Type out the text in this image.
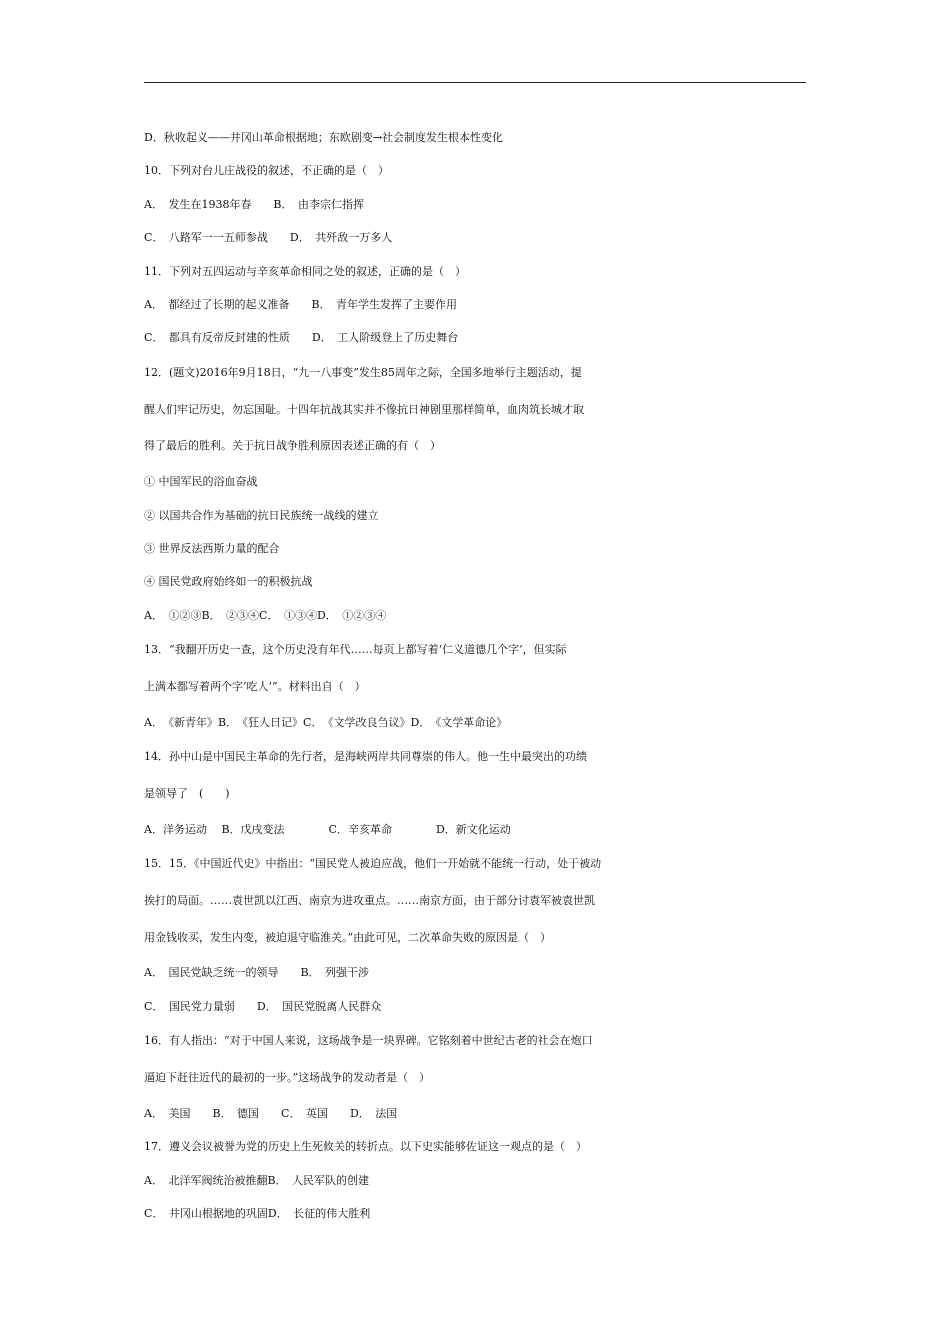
D．秋收起义——井冈山革命根据地；东欧剧变→社会制度发生根本性变化
10．下列对台儿庄战役的叙述，不正确的是（　）
A．　发生在1938年春　　B．　由李宗仁指挥
C．　八路军一一五师参战　　D．　共歼敌一万多人
11．下列对五四运动与辛亥革命相同之处的叙述，正确的是（　）
A．　都经过了长期的起义准备　　B．　青年学生发挥了主要作用
C．　都具有反帝反封建的性质　　D．　工人阶级登上了历史舞台
12．(题文)2016年9月18日，“九一八事变”发生85周年之际，全国多地举行主题活动，提
醒人们牢记历史，勿忘国耻。十四年抗战其实并不像抗日神剧里那样简单，血肉筑长城才取
得了最后的胜利。关于抗日战争胜利原因表述正确的有（　）
① 中国军民的浴血奋战
② 以国共合作为基础的抗日民族统一战线的建立
③ 世界反法西斯力量的配合
④ 国民党政府始终如一的积极抗战
A．　①②③B．　②③④C．　①③④D．　①②③④
13．“我翻开历史一查，这个历史没有年代……每页上都写着‘仁义道德几个字’，但实际
上满本都写着两个字‘吃人’”。材料出自（　）
A．　《新青年》B．　《狂人日记》C．　《文学改良刍议》D．　《文学革命论》
14．孙中山是中国民主革命的先行者，是海峡两岸共同尊崇的伟人。他一生中最突出的功绩
是领导了　(　　)
A．洋务运动　 B．戊戌变法　　　　C．辛亥革命　　　　D．新文化运动
15．15．《中国近代史》中指出：“国民党人被迫应战，他们一开始就不能统一行动，处于被动
挨打的局面。……袁世凯以江西、南京为进攻重点。……南京方面，由于部分讨袁军被袁世凯
用金钱收买，发生内变，被迫退守临淮关。”由此可见，二次革命失败的原因是（　）
A．　国民党缺乏统一的领导　　B．　列强干涉
C．　国民党力量弱　　D．　国民党脱离人民群众
16．有人指出：“对于中国人来说，这场战争是一块界碑。它铭刻着中世纪古老的社会在炮口
逼迫下赶往近代的最初的一步。”这场战争的发动者是（　）
A．　美国　　B．　德国　　C．　英国　　D．　法国
17．遵义会议被誉为党的历史上生死攸关的转折点。以下史实能够佐证这一观点的是（　）
A．　北洋军阀统治被推翻B．　人民军队的创建
C．　井冈山根据地的巩固D．　长征的伟大胜利
